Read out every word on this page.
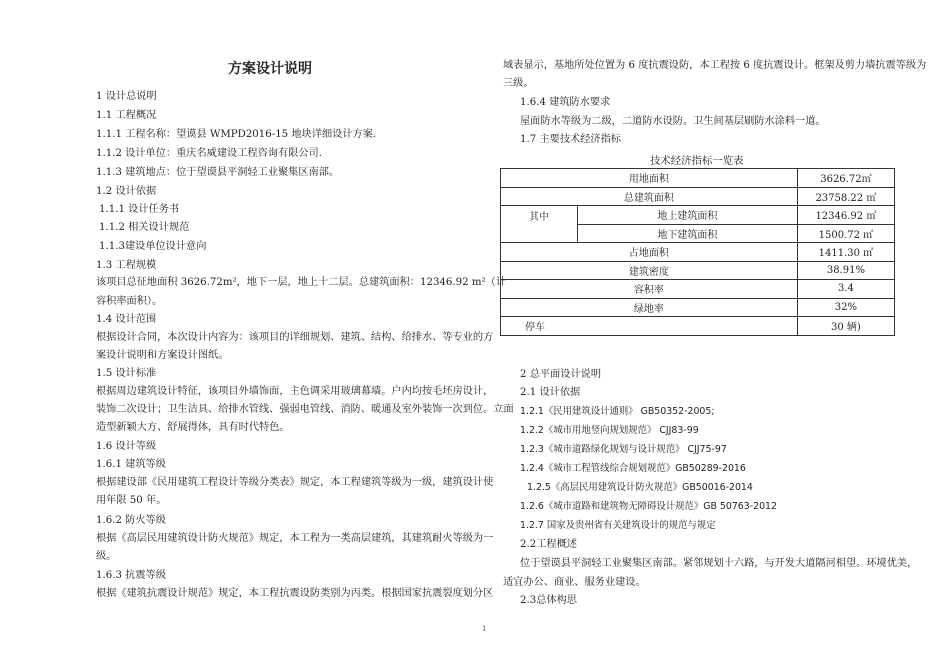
方案设计说明
1 设计总说明
1.1 工程概况
1.1.1 工程名称：望谟县 WMPD2016-15 地块详细设计方案.
1.1.2 设计单位：重庆名威建设工程咨询有限公司.
1.1.3 建筑地点：位于望谟县平洞轻工业聚集区南部。
1.2 设计依据
1.1.1 设计任务书
1.1.2 相关设计规范
1.1.3建设单位设计意向
1.3 工程规模
该项目总征地面积 3626.72m²，地下一层，地上十二层。总建筑面积：12346.92 m²（计
容积率面积）。
1.4 设计范围
根据设计合同，本次设计内容为：该项目的详细规划、建筑、结构、给排水、等专业的方
案设计说明和方案设计图纸。
1.5 设计标准
根据周边建筑设计特征，该项目外墙饰面，主色调采用玻璃幕墙。户内均按毛坯房设计，
装饰二次设计；卫生洁具、给排水管线、强弱电管线、消防、暖通及室外装饰一次到位。立面
造型新颖大方、舒展得体，具有时代特色。
1.6 设计等级
1.6.1 建筑等级
根据建设部《民用建筑工程设计等级分类表》规定，本工程建筑等级为一级，建筑设计使
用年限 50 年。
1.6.2 防火等级
根据《高层民用建筑设计防火规范》规定，本工程为一类高层建筑，其建筑耐火等级为一
级。
1.6.3 抗震等级
根据《建筑抗震设计规范》规定，本工程抗震设防类别为丙类。根据国家抗震裂度划分区
域表显示，基地所处位置为 6 度抗震设防，本工程按 6 度抗震设计。框架及剪力墙抗震等级为
三级。
1.6.4 建筑防水要求
屋面防水等级为二级，二道防水设防。卫生间基层刷防水涂料一道。
1.7 主要技术经济指标
技术经济指标一览表
用地面积		3626.72㎡
总建筑面积		23758.22 ㎡
其中	地上建筑面积	12346.92 ㎡
	地下建筑面积	1500.72 ㎡
占地面积		1411.30 ㎡
建筑密度		38.91%
容积率		3.4
绿地率		32%
停车		30 辆)
2 总平面设计说明
2.1 设计依据
1.2.1《民用建筑设计通则》 GB50352-2005;
1.2.2《城市用地竖向规划规范》 CJJ83-99
1.2.3《城市道路绿化规划与设计规范》 CJJ75-97
1.2.4《城市工程管线综合规划规范》GB50289-2016
1.2.5《高层民用建筑设计防火规范》GB50016-2014
1.2.6《城市道路和建筑物无障碍设计规范》GB 50763-2012
1.2.7 国家及贵州省有关建筑设计的规范与规定
2.2工程概述
位于望谟县平洞轻工业聚集区南部。紧邻规划十六路，与开发大道隔河相望。环境优美，
适宜办公、商业、服务业建设。
2.3总体构思
1
